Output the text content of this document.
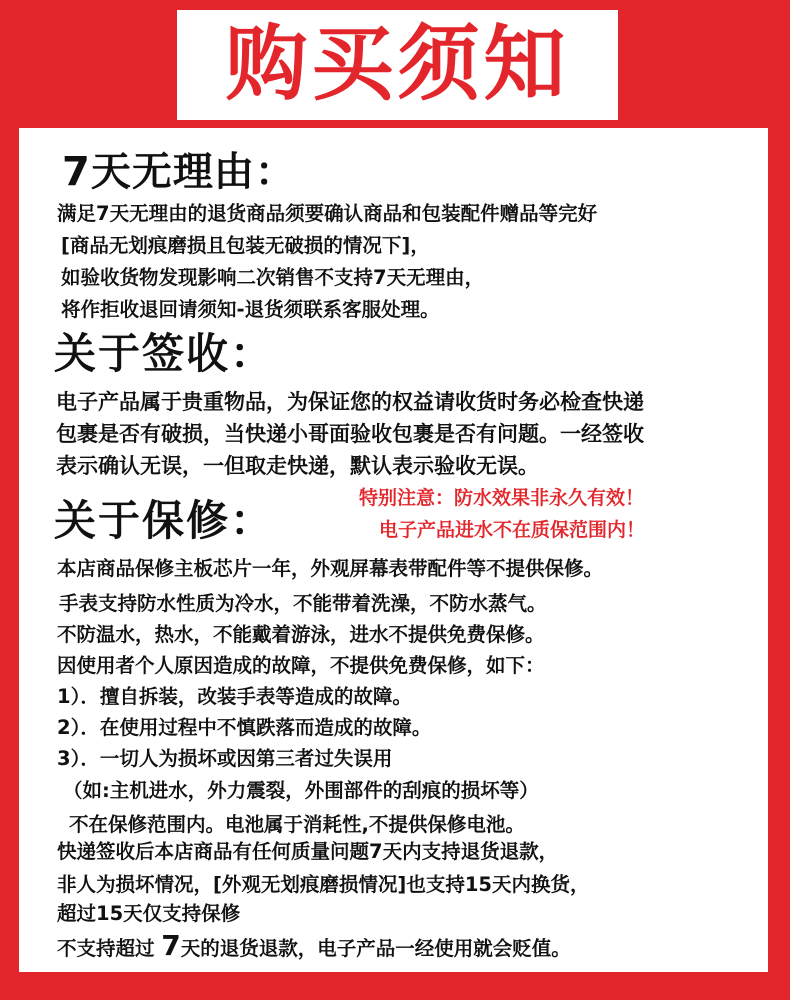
购买须知
7天无理由：
满足7天无理由的退货商品须要确认商品和包装配件赠品等完好
[商品无划痕磨损且包装无破损的情况下]，
如验收货物发现影响二次销售不支持7天无理由，
将作拒收退回请须知-退货须联系客服处理。
关于签收：
电子产品属于贵重物品，为保证您的权益请收货时务必检查快递
包裹是否有破损，当快递小哥面验收包裹是否有问题。一经签收
表示确认无误，一但取走快递，默认表示验收无误。
关于保修：	特别注意：防水效果非永久有效！
电子产品进水不在质保范围内！
本店商品保修主板芯片一年，外观屏幕表带配件等不提供保修。
手表支持防水性质为冷水，不能带着洗澡，不防水蒸气。
不防温水，热水，不能戴着游泳，进水不提供免费保修。
因使用者个人原因造成的故障，不提供免费保修，如下：
1）．擅自拆装，改装手表等造成的故障。
2）．在使用过程中不慎跌落而造成的故障。
3）．一切人为损坏或因第三者过失误用
（如:主机进水，外力震裂，外围部件的刮痕的损坏等）
不在保修范围内。电池属于消耗性,不提供保修电池。
快递签收后本店商品有任何质量问题7天内支持退货退款，
非人为损坏情况，[外观无划痕磨损情况]也支持15天内换货，
超过15天仅支持保修
不支持超过 7天的退货退款，电子产品一经使用就会贬值。
